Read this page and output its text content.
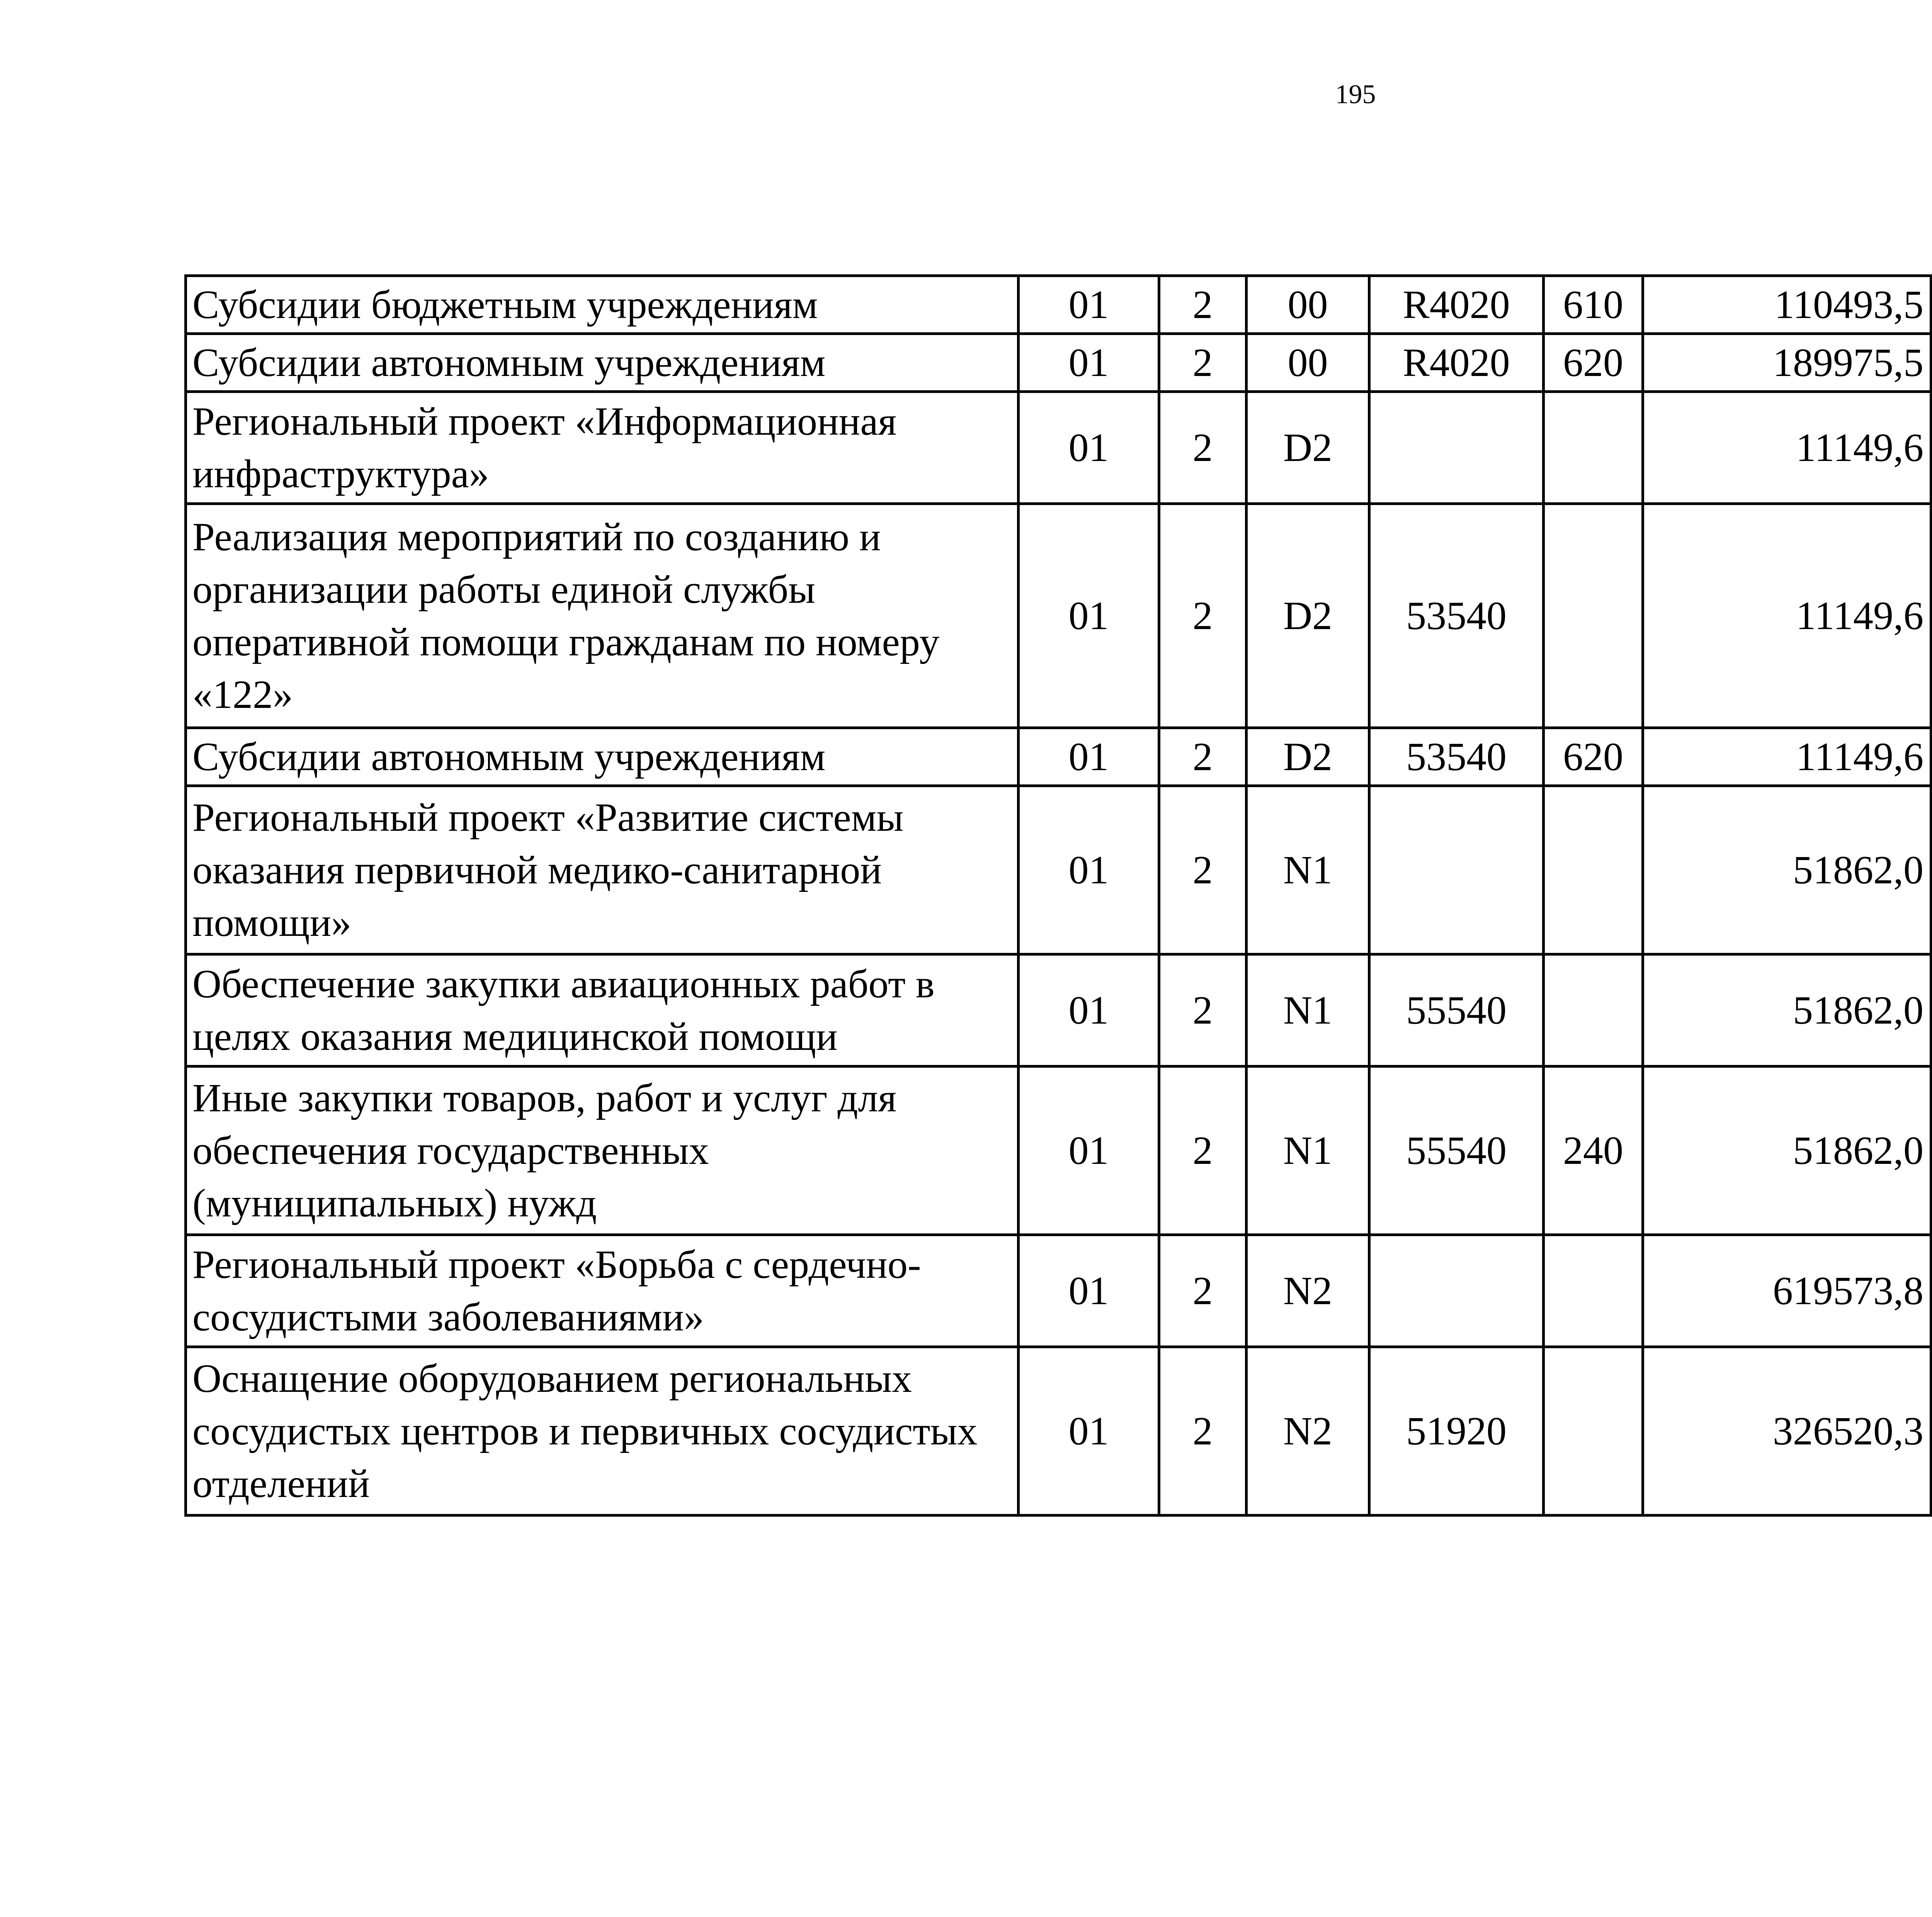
195
Субсидии бюджетным учреждениям	01	2	00	R4020	610	110493,5		
Субсидии автономным учреждениям	01	2	00	R4020	620	189975,5		
Региональный проект «Информационная инфраструктура»	01	2	D2			11149,6		
Реализация мероприятий по созданию и организации работы единой службы оперативной помощи гражданам по номеру «122»	01	2	D2	53540		11149,6		
Субсидии автономным учреждениям	01	2	D2	53540	620	11149,6		
Региональный проект «Развитие системы оказания первичной медико-санитарной помощи»	01	2	N1			51862,0		
Обеспечение закупки авиационных работ в целях оказания медицинской помощи	01	2	N1	55540		51862,0		
Иные закупки товаров, работ и услуг для обеспечения государственных (муниципальных) нужд	01	2	N1	55540	240	51862,0		
Региональный проект «Борьба с сердечно-сосудистыми заболеваниями»	01	2	N2			619573,8		
Оснащение оборудованием региональных сосудистых центров и первичных сосудистых отделений	01	2	N2	51920		326520,3		
